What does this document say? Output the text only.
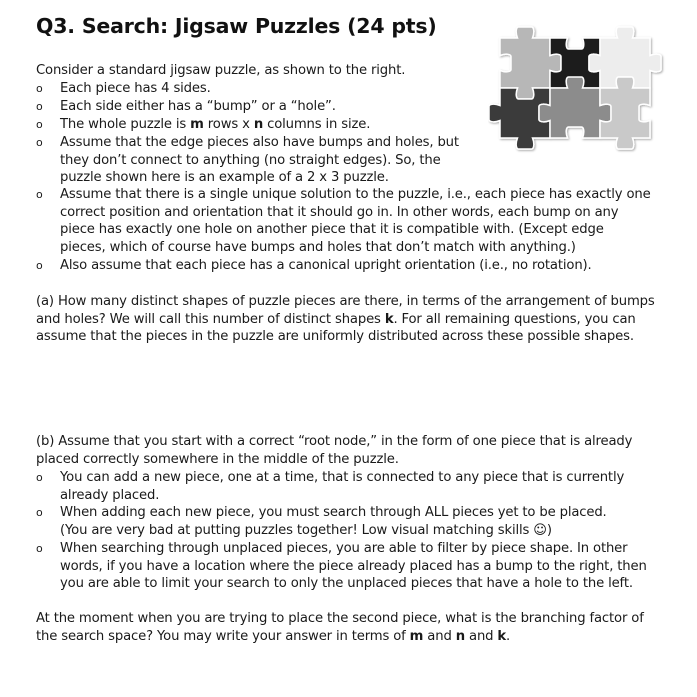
Q3. Search: Jigsaw Puzzles (24 pts)
Consider a standard jigsaw puzzle, as shown to the right.
o	Each piece has 4 sides.
o	Each side either has a “bump” or a “hole”.
o	The whole puzzle is m rows x n columns in size.
o	Assume that the edge pieces also have bumps and holes, but
they don’t connect to anything (no straight edges). So, the
puzzle shown here is an example of a 2 x 3 puzzle.
o	Assume that there is a single unique solution to the puzzle, i.e., each piece has exactly one
correct position and orientation that it should go in. In other words, each bump on any
piece has exactly one hole on another piece that it is compatible with. (Except edge
pieces, which of course have bumps and holes that don’t match with anything.)
o	Also assume that each piece has a canonical upright orientation (i.e., no rotation).
(a) How many distinct shapes of puzzle pieces are there, in terms of the arrangement of bumps
and holes? We will call this number of distinct shapes k. For all remaining questions, you can
assume that the pieces in the puzzle are uniformly distributed across these possible shapes.
(b) Assume that you start with a correct “root node,” in the form of one piece that is already
placed correctly somewhere in the middle of the puzzle.
o	You can add a new piece, one at a time, that is connected to any piece that is currently
already placed.
o	When adding each new piece, you must search through ALL pieces yet to be placed.
(You are very bad at putting puzzles together! Low visual matching skills ☺)
o	When searching through unplaced pieces, you are able to filter by piece shape. In other
words, if you have a location where the piece already placed has a bump to the right, then
you are able to limit your search to only the unplaced pieces that have a hole to the left.
At the moment when you are trying to place the second piece, what is the branching factor of
the search space? You may write your answer in terms of m and n and k.
